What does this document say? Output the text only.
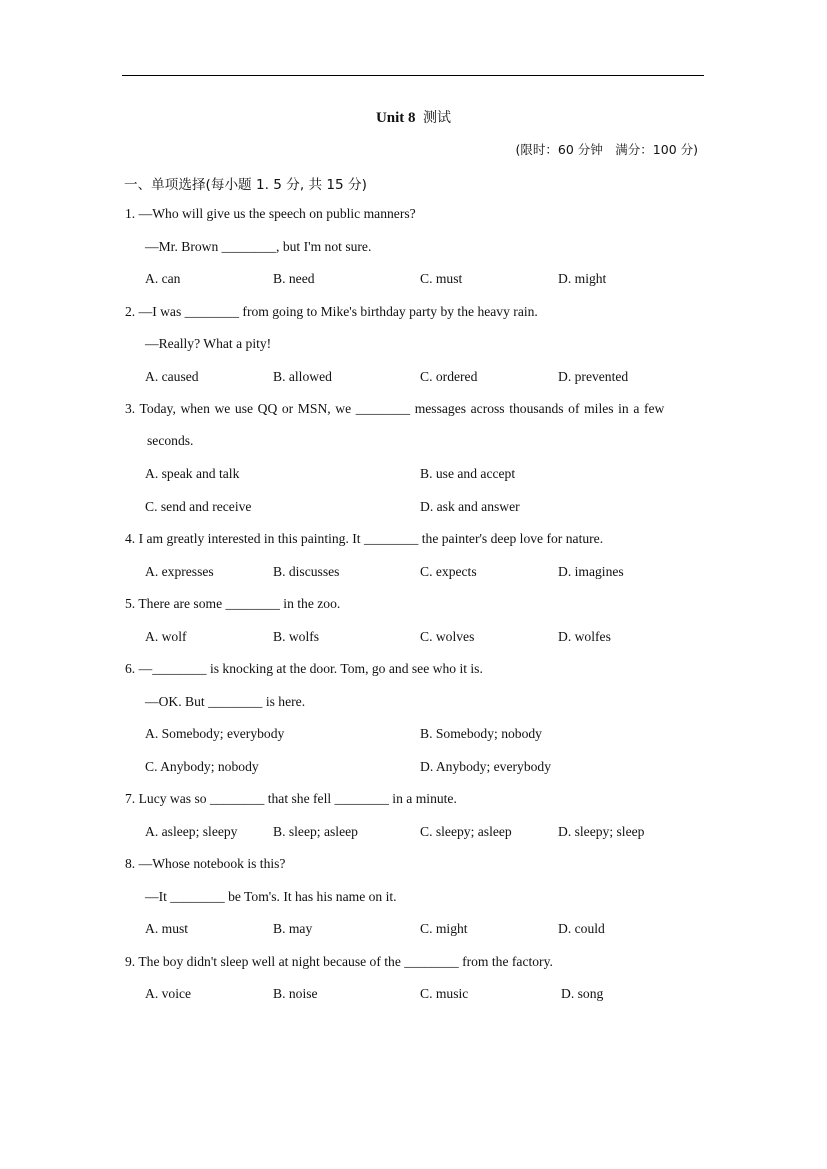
Unit 8 测试
(限时：60 分钟　满分：100 分)
一、单项选择(每小题 1. 5 分, 共 15 分)
1. —Who will give us the speech on public manners?
—Mr. Brown ________, but I'm not sure.
A. can	B. need	C. must	D. might
2. —I was ________ from going to Mike's birthday party by the heavy rain.
—Really? What a pity!
A. caused	B. allowed	C. ordered	D. prevented
3. Today, when we use QQ or MSN, we ________ messages across thousands of miles in a few
seconds.
A. speak and talk	B. use and accept
C. send and receive	D. ask and answer
4. I am greatly interested in this painting. It ________ the painter's deep love for nature.
A. expresses	B. discusses	C. expects	D. imagines
5. There are some ________ in the zoo.
A. wolf	B. wolfs	C. wolves	D. wolfes
6. —________ is knocking at the door. Tom, go and see who it is.
—OK. But ________ is here.
A. Somebody; everybody	B. Somebody; nobody
C. Anybody; nobody	D. Anybody; everybody
7. Lucy was so ________ that she fell ________ in a minute.
A. asleep; sleepy	B. sleep; asleep	C. sleepy; asleep	D. sleepy; sleep
8. —Whose notebook is this?
—It ________ be Tom's. It has his name on it.
A. must	B. may	C. might	D. could
9. The boy didn't sleep well at night because of the ________ from the factory.
A. voice	B. noise	C. music	D. song
